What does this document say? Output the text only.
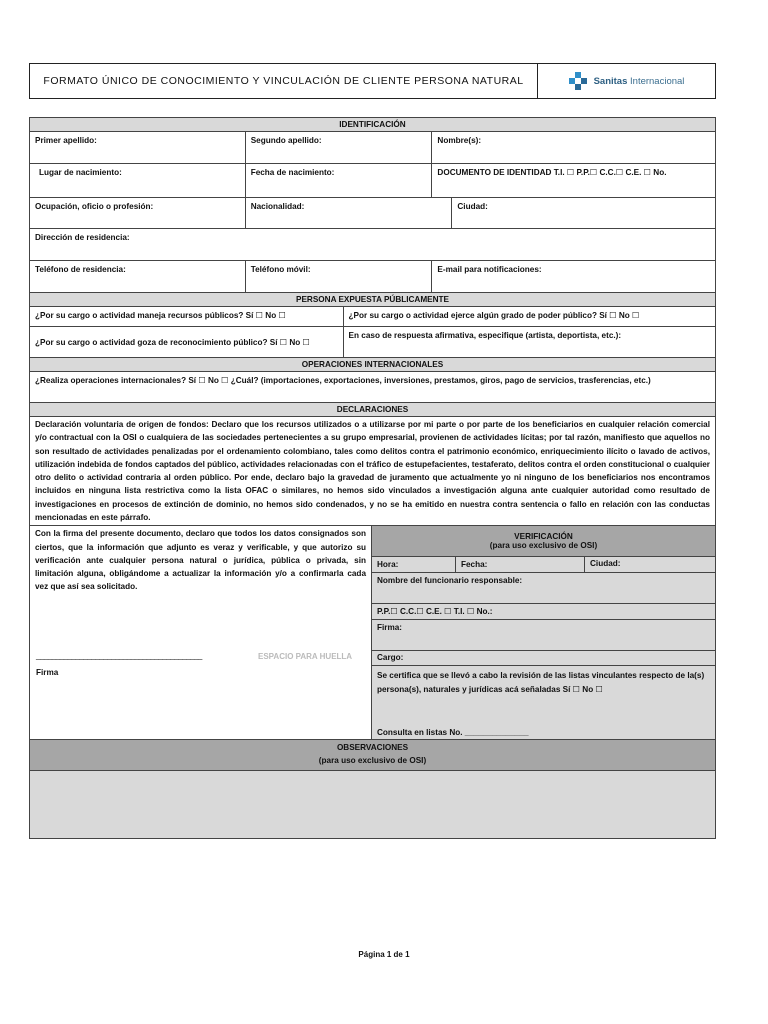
FORMATO ÚNICO DE CONOCIMIENTO Y VINCULACIÓN DE CLIENTE PERSONA NATURAL	Sanitas Internacional
IDENTIFICACIÓN
Primer apellido:	Segundo apellido:	Nombre(s):
Lugar de nacimiento:	Fecha de nacimiento:	DOCUMENTO DE IDENTIDAD T.I. ☐ P.P.☐ C.C.☐ C.E. ☐ No.
Ocupación, oficio o profesión:	Nacionalidad:	Ciudad:
Dirección de residencia:
Teléfono de residencia:	Teléfono móvil:	E-mail para notificaciones:
PERSONA EXPUESTA PÚBLICAMENTE
¿Por su cargo o actividad maneja recursos públicos? Sí ☐ No ☐	¿Por su cargo o actividad ejerce algún grado de poder público? Sí ☐ No ☐
¿Por su cargo o actividad goza de reconocimiento público? Sí ☐ No ☐
En caso de respuesta afirmativa, especifique (artista, deportista, etc.):
OPERACIONES INTERNACIONALES
¿Realiza operaciones internacionales? Sí ☐ No ☐ ¿Cuál? (importaciones, exportaciones, inversiones, prestamos, giros, pago de servicios, trasferencias, etc.)
DECLARACIONES
Declaración voluntaria de origen de fondos: Declaro que los recursos utilizados o a utilizarse por mi parte o por parte de los beneficiarios en cualquier relación comercial y/o contractual con la OSI o cualquiera de las sociedades pertenecientes a su grupo empresarial, provienen de actividades lícitas; por tal razón, manifiesto que aquellos no son resultado de actividades penalizadas por el ordenamiento colombiano, tales como delitos contra el patrimonio económico, enriquecimiento ilícito o lavado de activos, utilización indebida de fondos captados del público, actividades relacionadas con el tráfico de estupefacientes, testaferato, delitos contra el orden constitucional o cualquier otro delito o actividad contraria al orden público. Por ende, declaro bajo la gravedad de juramento que actualmente yo ni ninguno de los beneficiarios nos encontramos incluidos en ninguna lista restrictiva como la lista OFAC o similares, no hemos sido vinculados a investigación alguna ante cualquier autoridad como resultado de investigaciones en procesos de extinción de dominio, no hemos sido condenados, y no se ha emitido en nuestra contra sentencia o fallo en relación con las conductas mencionadas en este párrafo.
Con la firma del presente documento, declaro que todos los datos consignados son ciertos, que la información que adjunto es veraz y verificable, y que autorizo su verificación ante cualquier persona natural o jurídica, pública o privada, sin limitación alguna, obligándome a actualizar la información y/o a confirmarla cada vez que así sea solicitado.
__________________________________________	ESPACIO PARA HUELLA
Firma
VERIFICACIÓN
(para uso exclusivo de OSI)
Hora:	Fecha:	Ciudad:
Nombre del funcionario responsable:
P.P.☐ C.C.☐ C.E. ☐ T.I. ☐ No.:
Firma:
Cargo:
Se certifica que se llevó a cabo la revisión de las listas vinculantes respecto de la(s) persona(s), naturales y jurídicas acá señaladas Sí ☐ No ☐
Consulta en listas No. ______________
OBSERVACIONES
(para uso exclusivo de OSI)
Página 1 de 1
